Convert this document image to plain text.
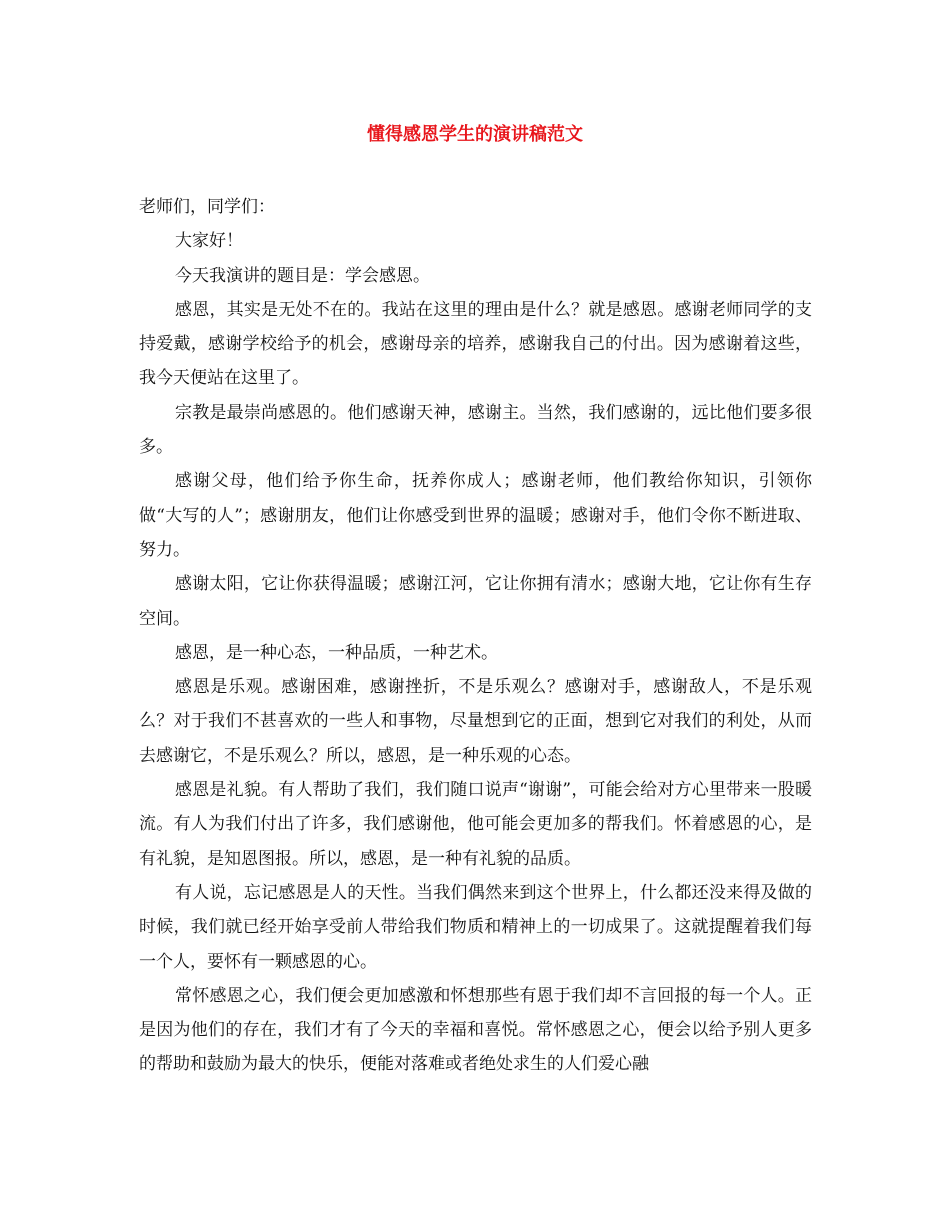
懂得感恩学生的演讲稿范文

老师们，同学们：

大家好！

今天我演讲的题目是：学会感恩。

感恩，其实是无处不在的。我站在这里的理由是什么？就是感恩。感谢老师同学的支持爱戴，感谢学校给予的机会，感谢母亲的培养，感谢我自己的付出。因为感谢着这些，我今天便站在这里了。

宗教是最崇尚感恩的。他们感谢天神，感谢主。当然，我们感谢的，远比他们要多很多。

感谢父母，他们给予你生命，抚养你成人；感谢老师，他们教给你知识，引领你做“大写的人”；感谢朋友，他们让你感受到世界的温暖；感谢对手，他们令你不断进取、努力。

感谢太阳，它让你获得温暖；感谢江河，它让你拥有清水；感谢大地，它让你有生存空间。

感恩，是一种心态，一种品质，一种艺术。

感恩是乐观。感谢困难，感谢挫折，不是乐观么？感谢对手，感谢敌人，不是乐观么？对于我们不甚喜欢的一些人和事物，尽量想到它的正面，想到它对我们的利处，从而去感谢它，不是乐观么？所以，感恩，是一种乐观的心态。

感恩是礼貌。有人帮助了我们，我们随口说声“谢谢”，可能会给对方心里带来一股暖流。有人为我们付出了许多，我们感谢他，他可能会更加多的帮我们。怀着感恩的心，是有礼貌，是知恩图报。所以，感恩，是一种有礼貌的品质。

有人说，忘记感恩是人的天性。当我们偶然来到这个世界上，什么都还没来得及做的时候，我们就已经开始享受前人带给我们物质和精神上的一切成果了。这就提醒着我们每一个人，要怀有一颗感恩的心。

常怀感恩之心，我们便会更加感激和怀想那些有恩于我们却不言回报的每一个人。正是因为他们的存在，我们才有了今天的幸福和喜悦。常怀感恩之心，便会以给予别人更多的帮助和鼓励为最大的快乐，便能对落难或者绝处求生的人们爱心融
